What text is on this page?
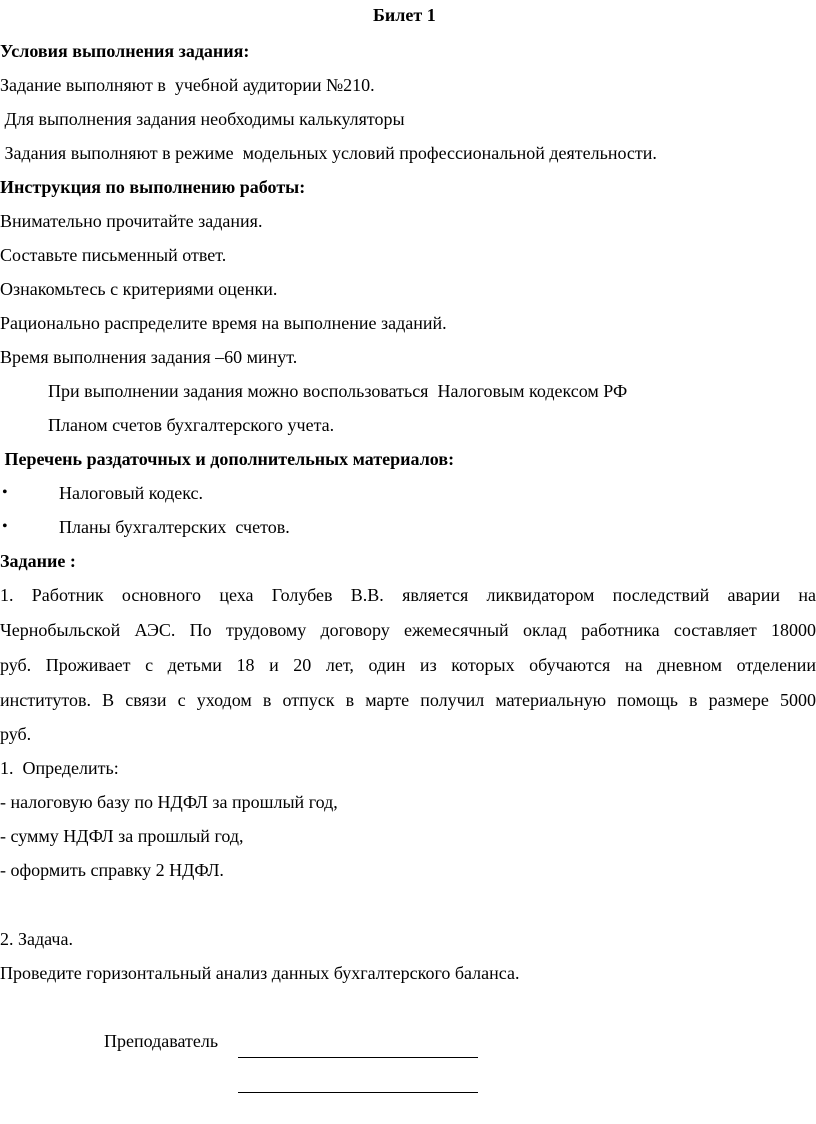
Билет 1
Условия выполнения задания:
Задание выполняют в  учебной аудитории №210.
Для выполнения задания необходимы калькуляторы
Задания выполняют в режиме  модельных условий профессиональной деятельности.
Инструкция по выполнению работы:
Внимательно прочитайте задания.
Составьте письменный ответ.
Ознакомьтесь с критериями оценки.
Рационально распределите время на выполнение заданий.
Время выполнения задания –60 минут.
При выполнении задания можно воспользоваться  Налоговым кодексом РФ
Планом счетов бухгалтерского учета.
Перечень раздаточных и дополнительных материалов:
•	Налоговый кодекс.
•	Планы бухгалтерских  счетов.
Задание :
1. Работник основного цеха Голубев В.В. является ликвидатором последствий аварии на
Чернобыльской АЭС. По трудовому договору ежемесячный оклад работника составляет 18000
руб. Проживает с детьми 18 и 20 лет, один из которых обучаются на дневном отделении
институтов. В связи с уходом в отпуск в марте получил материальную помощь в размере 5000
руб.
1.  Определить:
- налоговую базу по НДФЛ за прошлый год,
- сумму НДФЛ за прошлый год,
- оформить справку 2 НДФЛ.
2. Задача.
Проведите горизонтальный анализ данных бухгалтерского баланса.
Преподаватель
